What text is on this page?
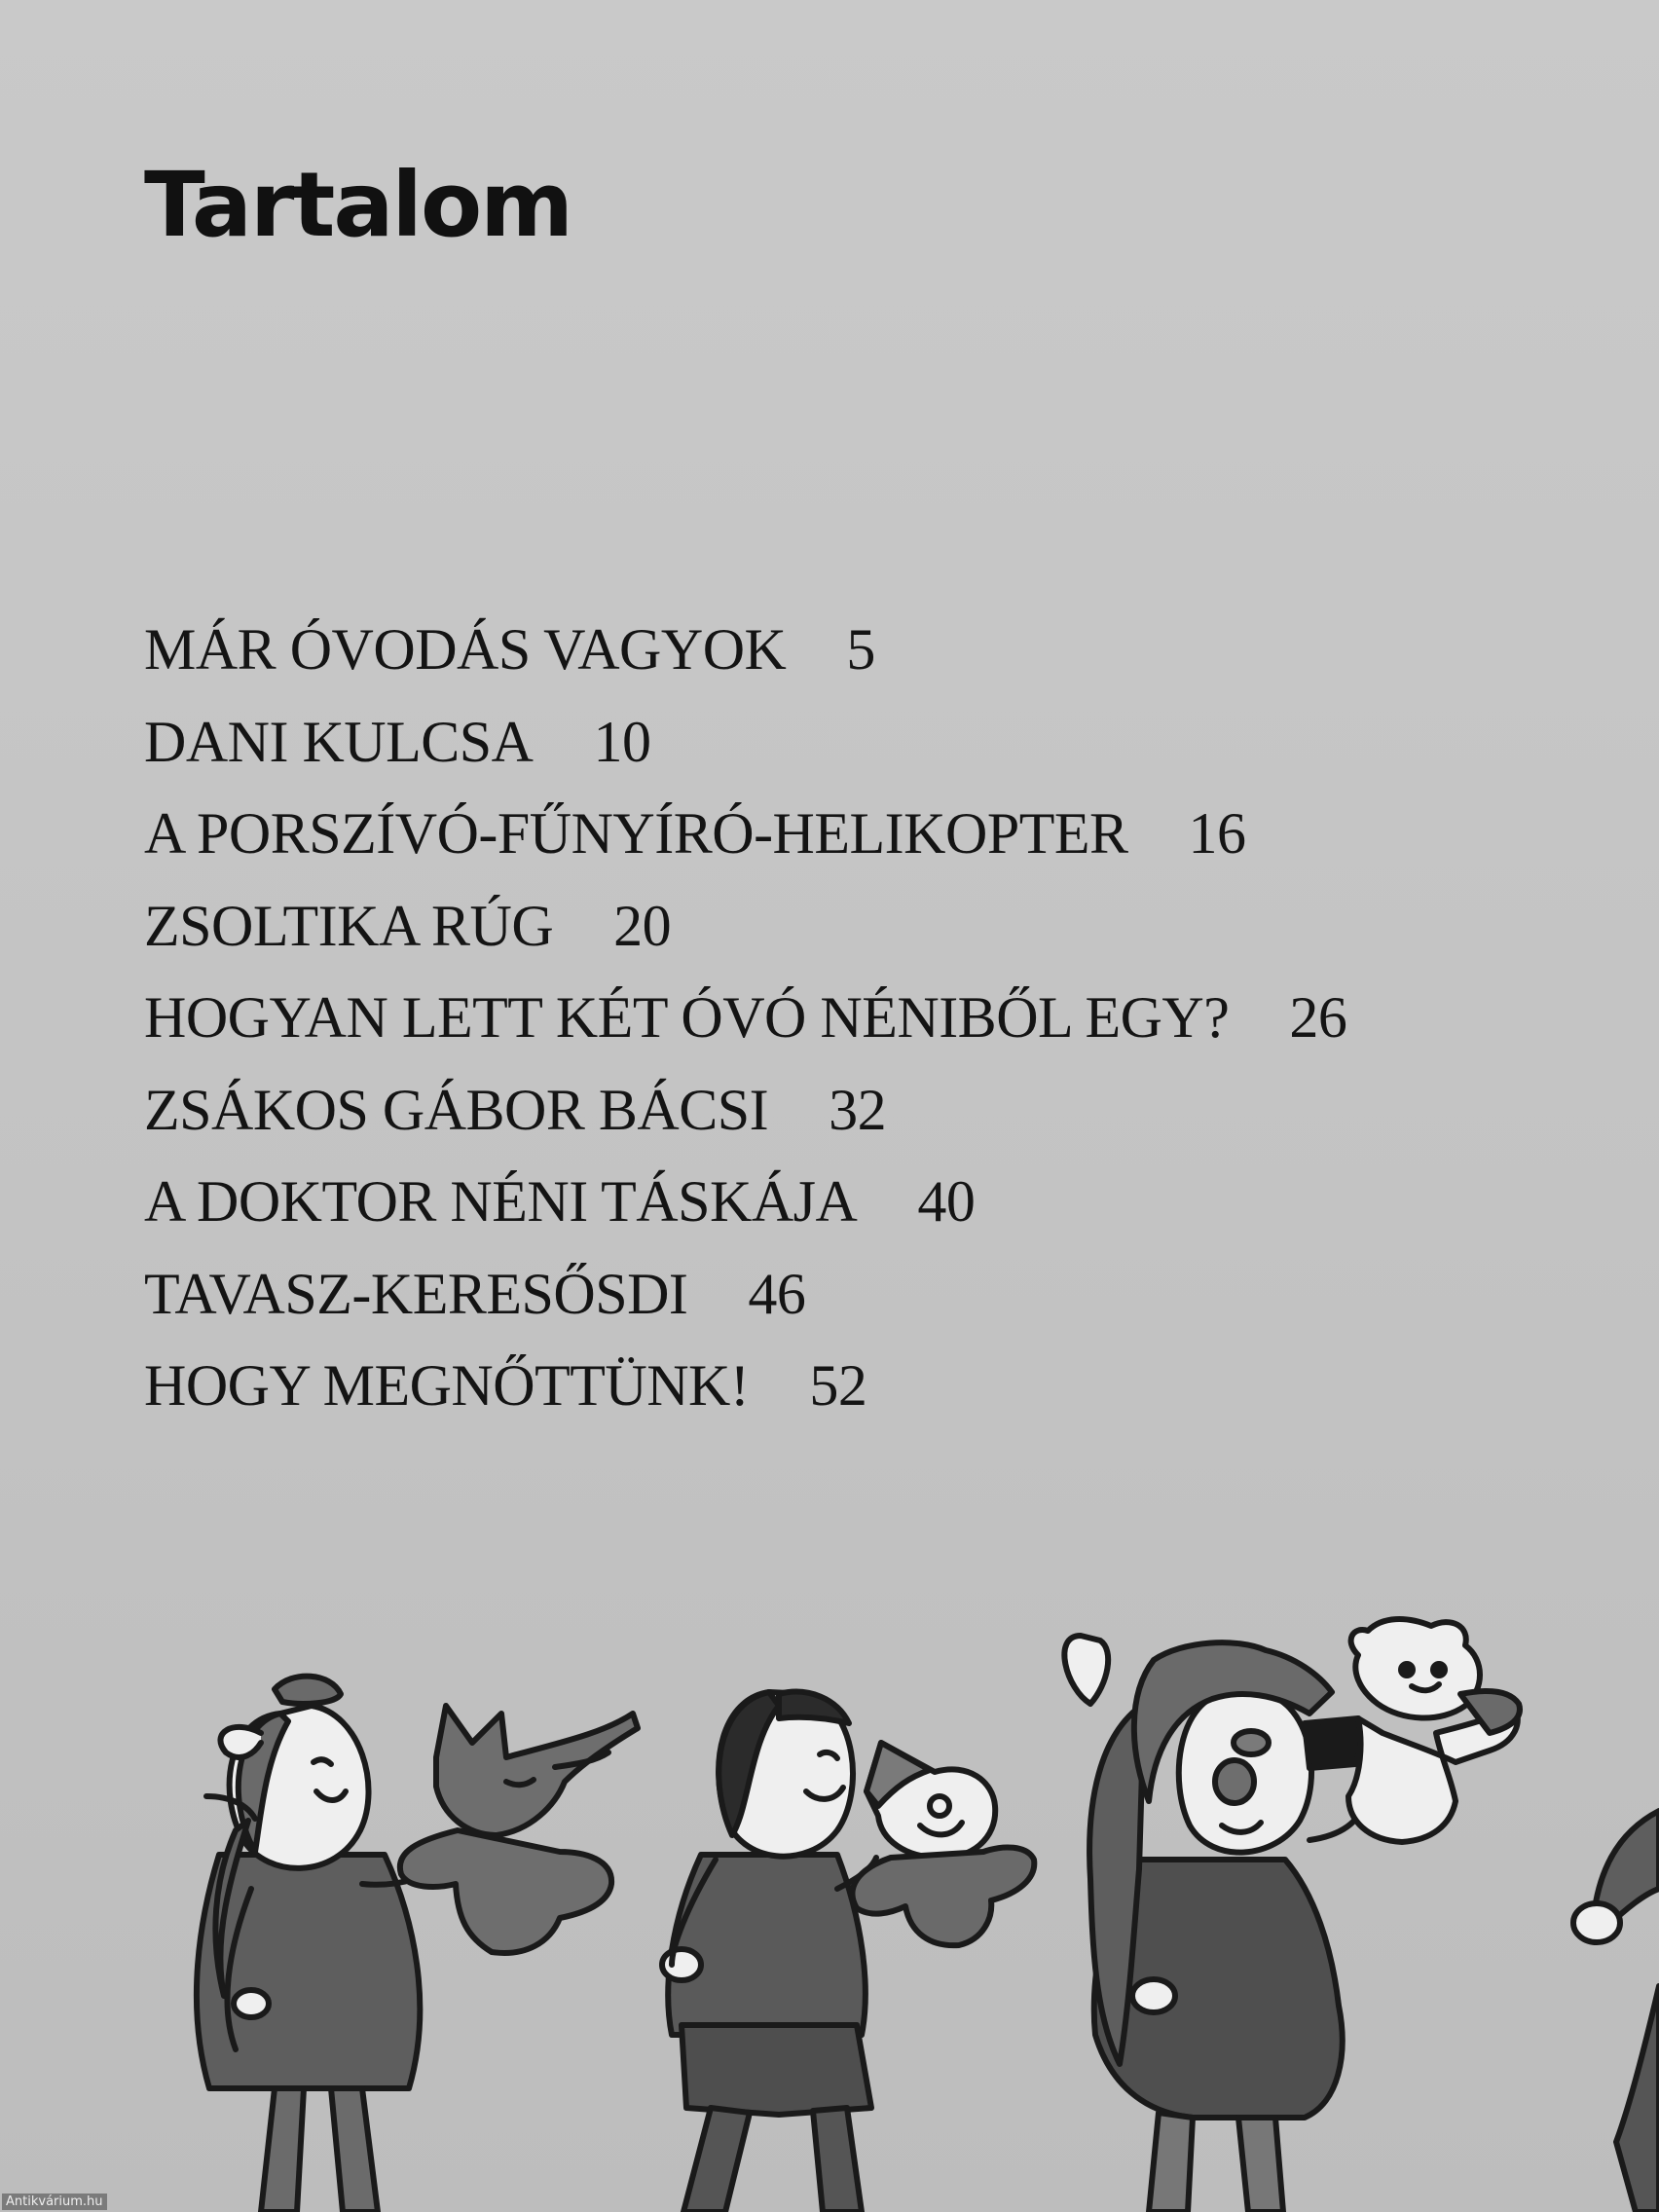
Tartalom
MÁR ÓVODÁS VAGYOK 5
DANI KULCSA 10
A PORSZÍVÓ-FŰNYÍRÓ-HELIKOPTER 16
ZSOLTIKA RÚG 20
HOGYAN LETT KÉT ÓVÓ NÉNIBŐL EGY? 26
ZSÁKOS GÁBOR BÁCSI 32
A DOKTOR NÉNI TÁSKÁJA 40
TAVASZ-KERESŐSDI 46
HOGY MEGNŐTTÜNK! 52
Antikvárium.hu
